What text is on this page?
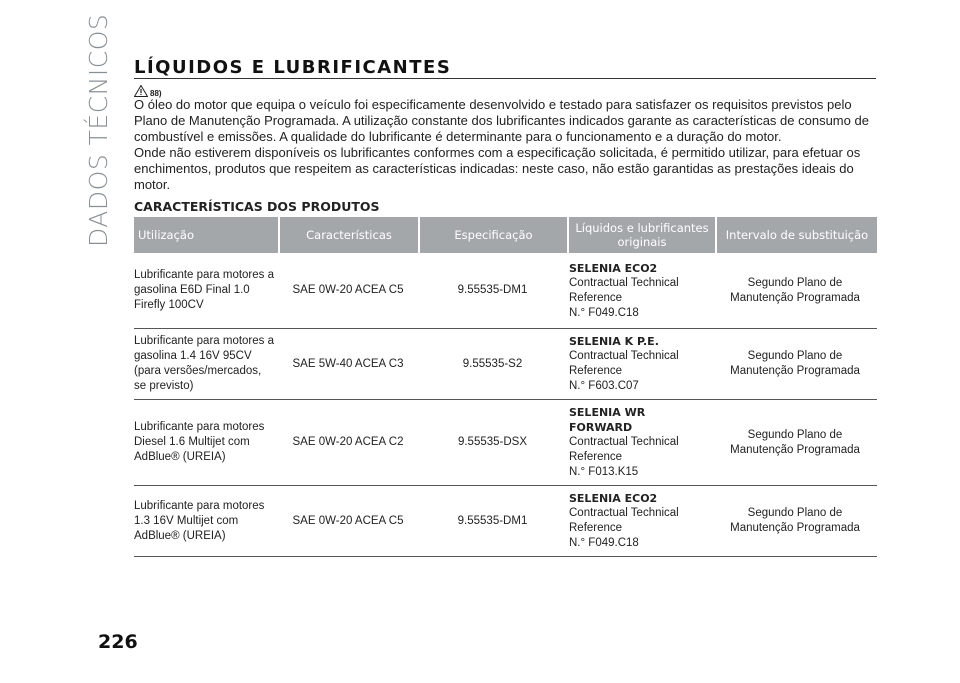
DADOS TÉCNICOS LÍQUIDOS E LUBRIFICANTES
88)

O óleo do motor que equipa o veículo foi especificamente desenvolvido e testado para satisfazer os requisitos previstos pelo Plano de Manutenção Programada. A utilização constante dos lubrificantes indicados garante as características de consumo de combustível e emissões. A qualidade do lubrificante é determinante para o funcionamento e a duração do motor.

Onde não estiverem disponíveis os lubrificantes conformes com a especificação solicitada, é permitido utilizar, para efetuar os enchimentos, produtos que respeitem as características indicadas: neste caso, não estão garantidas as prestações ideais do motor.

CARACTERÍSTICAS DOS PRODUTOS
Utilização	Características	Especificação	Líquidos e lubrificantes originais	Intervalo de substituição
Lubrificante para motores a gasolina E6D Final 1.0 Firefly 100CV	SAE 0W-20 ACEA C5	9.55535-DM1	SELENIA ECO2
Contractual Technical Reference
N.° F049.C18	Segundo Plano de Manutenção Programada
Lubrificante para motores a gasolina 1.4 16V 95CV (para versões/mercados, se previsto)	SAE 5W-40 ACEA C3	9.55535-S2	SELENIA K P.E.
Contractual Technical Reference
N.° F603.C07	Segundo Plano de Manutenção Programada
Lubrificante para motores Diesel 1.6 Multijet com AdBlue® (UREIA)	SAE 0W-20 ACEA C2	9.55535-DSX	SELENIA WR FORWARD
Contractual Technical Reference
N.° F013.K15	Segundo Plano de Manutenção Programada
Lubrificante para motores 1.3 16V Multijet com AdBlue® (UREIA)	SAE 0W-20 ACEA C5	9.55535-DM1	SELENIA ECO2
Contractual Technical Reference
N.° F049.C18	Segundo Plano de Manutenção Programada
226
